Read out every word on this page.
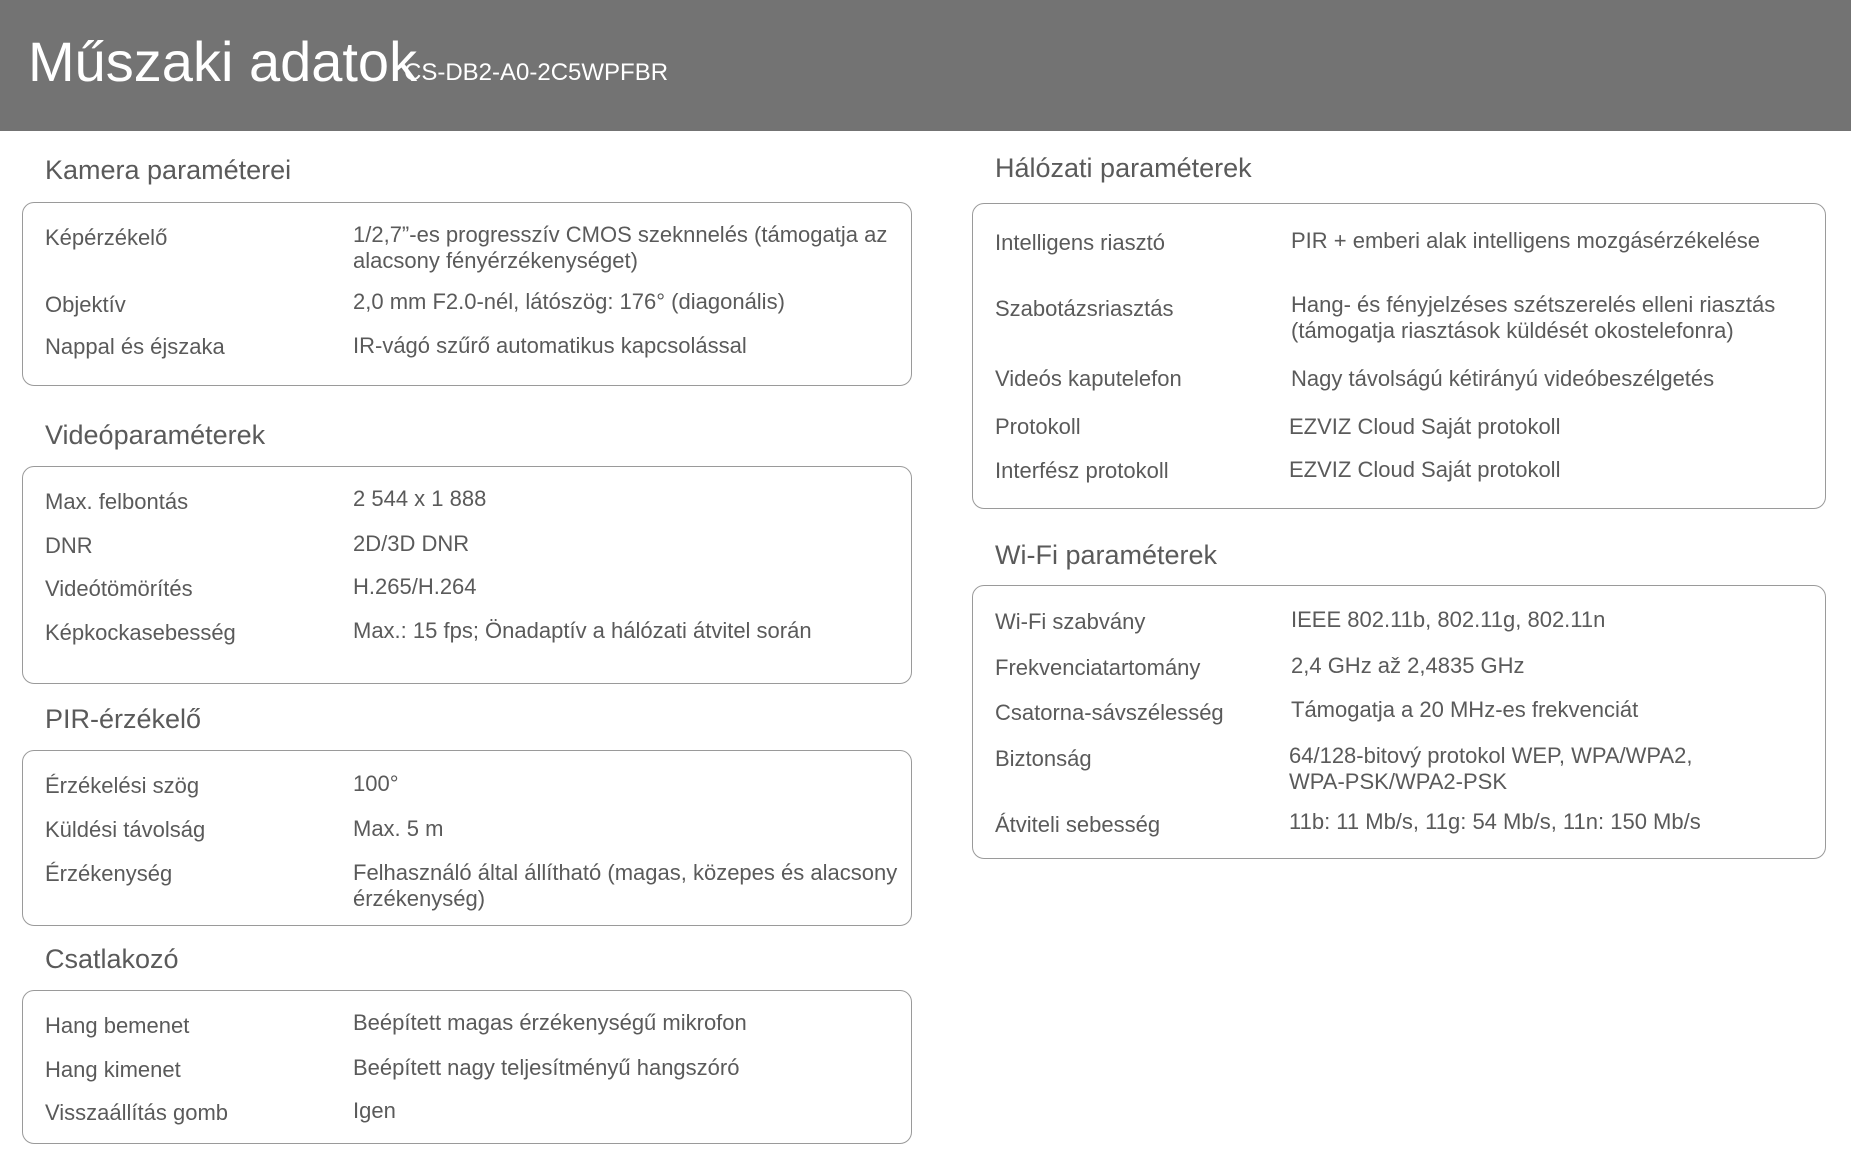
Műszaki adatok
CS-DB2-A0-2C5WPFBR
Kamera paraméterei
Képérzékelő	1/2,7”-es progresszív CMOS szeknnelés (támogatja az alacsony fényérzékenységet)
Objektív	2,0 mm F2.0-nél, látószög: 176° (diagonális)
Nappal és éjszaka	IR-vágó szűrő automatikus kapcsolással
Videóparaméterek
Max. felbontás	2 544 x 1 888
DNR	2D/3D DNR
Videótömörítés	H.265/H.264
Képkockasebesség	Max.: 15 fps; Önadaptív a hálózati átvitel során
PIR-érzékelő
Érzékelési szög	100°
Küldési távolság	Max. 5 m
Érzékenység	Felhasználó által állítható (magas, közepes és alacsony érzékenység)
Csatlakozó
Hang bemenet	Beépített magas érzékenységű mikrofon
Hang kimenet	Beépített nagy teljesítményű hangszóró
Visszaállítás gomb	Igen
Hálózati paraméterek
Intelligens riasztó	PIR + emberi alak intelligens mozgásérzékelése
Szabotázsriasztás	Hang- és fényjelzéses szétszerelés elleni riasztás (támogatja riasztások küldését okostelefonra)
Videós kaputelefon	Nagy távolságú kétirányú videóbeszélgetés
Protokoll	EZVIZ Cloud Saját protokoll
Interfész protokoll	EZVIZ Cloud Saját protokoll
Wi-Fi paraméterek
Wi-Fi szabvány	IEEE 802.11b, 802.11g, 802.11n
Frekvenciatartomány	2,4 GHz až 2,4835 GHz
Csatorna-sávszélesség	Támogatja a 20 MHz-es frekvenciát
Biztonság	64/128-bitový protokol WEP, WPA/WPA2, WPA-PSK/WPA2-PSK
Átviteli sebesség	11b: 11 Mb/s, 11g: 54 Mb/s, 11n: 150 Mb/s
